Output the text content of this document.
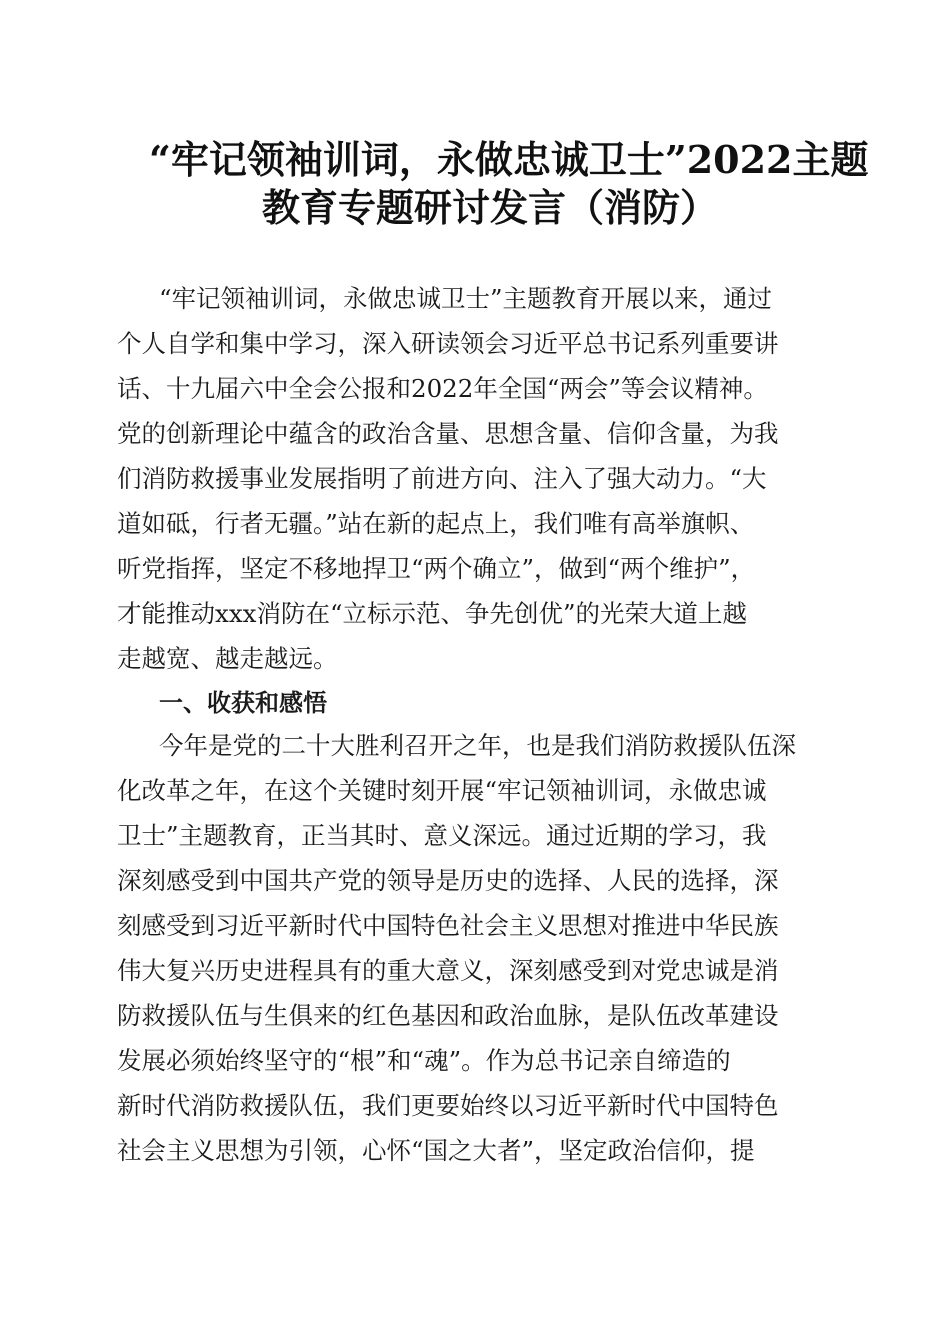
“牢记领袖训词，永做忠诚卫士”2022主题
教育专题研讨发言（消防）
“牢记领袖训词，永做忠诚卫士”主题教育开展以来，通过
个人自学和集中学习，深入研读领会习近平总书记系列重要讲
话、十九届六中全会公报和2022年全国“两会”等会议精神。
党的创新理论中蕴含的政治含量、思想含量、信仰含量，为我
们消防救援事业发展指明了前进方向、注入了强大动力。“大
道如砥，行者无疆。”站在新的起点上，我们唯有高举旗帜、
听党指挥，坚定不移地捍卫“两个确立”，做到“两个维护”，
才能推动xxx消防在“立标示范、争先创优”的光荣大道上越
走越宽、越走越远。
一、收获和感悟
今年是党的二十大胜利召开之年，也是我们消防救援队伍深
化改革之年，在这个关键时刻开展“牢记领袖训词，永做忠诚
卫士”主题教育，正当其时、意义深远。通过近期的学习，我
深刻感受到中国共产党的领导是历史的选择、人民的选择，深
刻感受到习近平新时代中国特色社会主义思想对推进中华民族
伟大复兴历史进程具有的重大意义，深刻感受到对党忠诚是消
防救援队伍与生俱来的红色基因和政治血脉，是队伍改革建设
发展必须始终坚守的“根”和“魂”。作为总书记亲自缔造的
新时代消防救援队伍，我们更要始终以习近平新时代中国特色
社会主义思想为引领，心怀“国之大者”，坚定政治信仰，提
